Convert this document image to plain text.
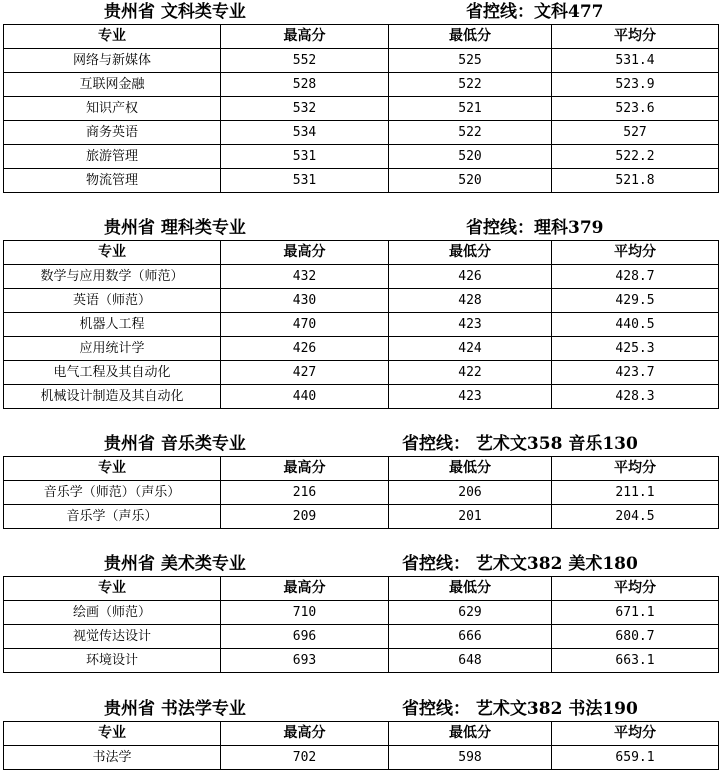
贵州省 文科类专业	省控线：文科477
专业	最高分	最低分	平均分
网络与新媒体	552	525	531.4
互联网金融	528	522	523.9
知识产权	532	521	523.6
商务英语	534	522	527
旅游管理	531	520	522.2
物流管理	531	520	521.8
贵州省 理科类专业	省控线：理科379
专业	最高分	最低分	平均分
数学与应用数学（师范）	432	426	428.7
英语（师范）	430	428	429.5
机器人工程	470	423	440.5
应用统计学	426	424	425.3
电气工程及其自动化	427	422	423.7
机械设计制造及其自动化	440	423	428.3
贵州省 音乐类专业	省控线： 艺术文358 音乐130
专业	最高分	最低分	平均分
音乐学（师范）（声乐）	216	206	211.1
音乐学（声乐）	209	201	204.5
贵州省 美术类专业	省控线： 艺术文382 美术180
专业	最高分	最低分	平均分
绘画（师范）	710	629	671.1
视觉传达设计	696	666	680.7
环境设计	693	648	663.1
贵州省 书法学专业	省控线： 艺术文382 书法190
专业	最高分	最低分	平均分
书法学	702	598	659.1
